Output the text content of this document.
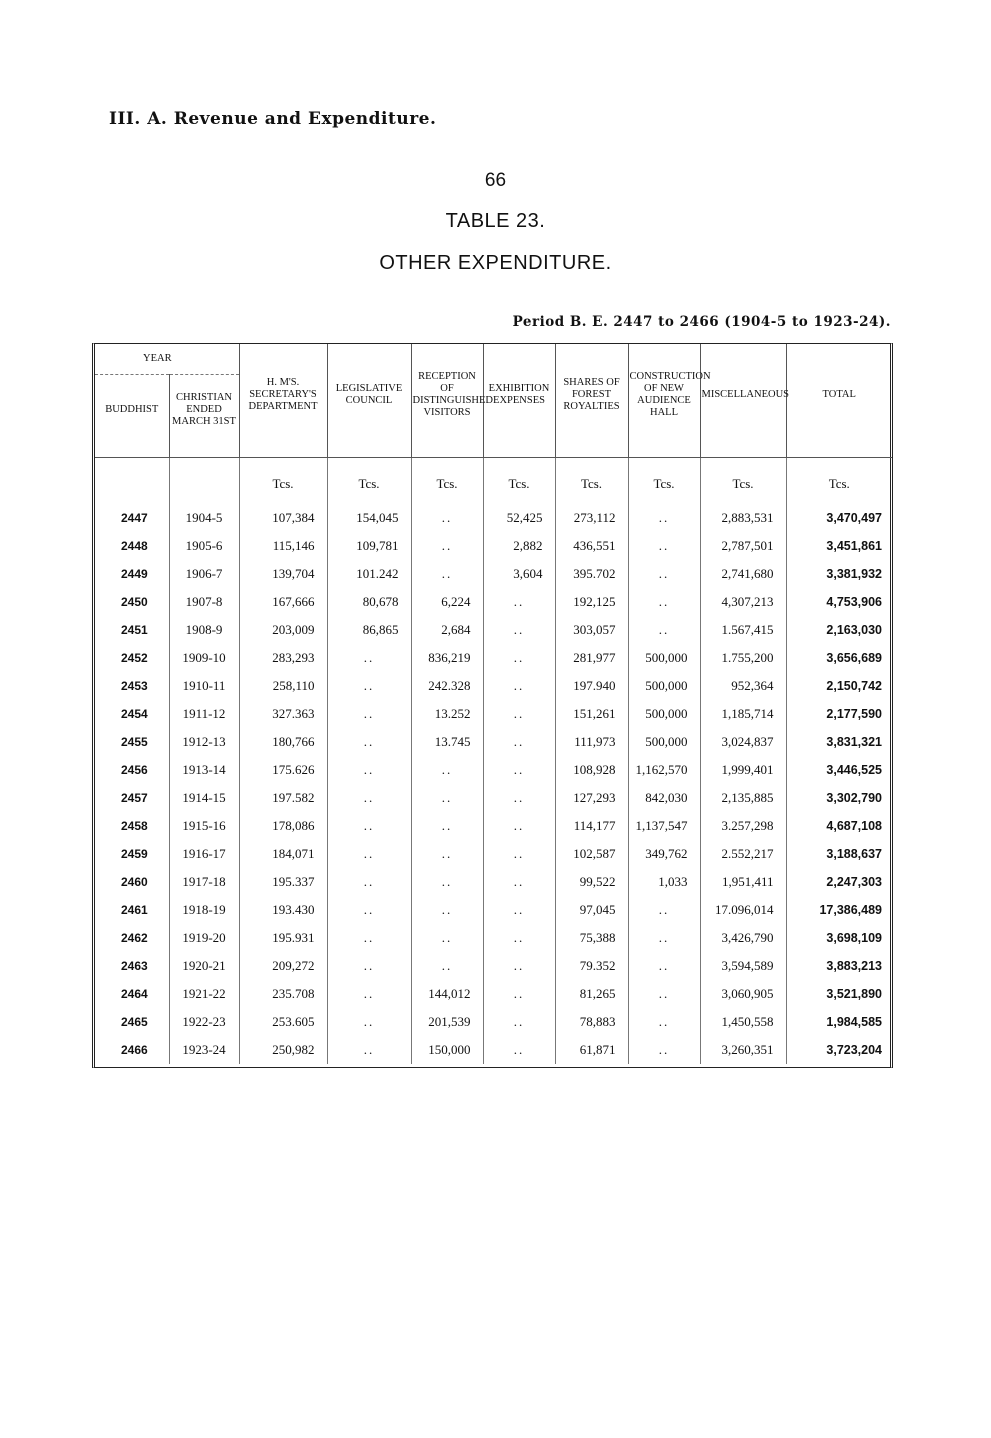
III. A. Revenue and Expenditure.
66
TABLE 23.
OTHER EXPENDITURE.
Period B. E. 2447 to 2466 (1904-5 to 1923-24).
YEAR		H. M'S. SECRETARY'S DEPARTMENT	LEGISLATIVE COUNCIL	RECEPTION OF DISTINGUISHED VISITORS	EXHIBITION EXPENSES	SHARES OF FOREST ROYALTIES	CONSTRUCTION OF NEW AUDIENCE HALL	MISCELLANEOUS	TOTAL
BUDDHIST	CHRISTIAN ENDED MARCH 31ST								

		Tcs.	Tcs.	Tcs.	Tcs.	Tcs.	Tcs.	Tcs.	Tcs.
2447	1904-5	107,384	154,045	..	52,425	273,112	..	2,883,531	3,470,497
2448	1905-6	115,146	109,781	..	2,882	436,551	..	2,787,501	3,451,861
2449	1906-7	139,704	101.242	..	3,604	395.702	..	2,741,680	3,381,932
2450	1907-8	167,666	80,678	6,224	..	192,125	..	4,307,213	4,753,906
2451	1908-9	203,009	86,865	2,684	..	303,057	..	1.567,415	2,163,030
2452	1909-10	283,293	..	836,219	..	281,977	500,000	1.755,200	3,656,689
2453	1910-11	258,110	..	242.328	..	197.940	500,000	952,364	2,150,742
2454	1911-12	327.363	..	13.252	..	151,261	500,000	1,185,714	2,177,590
2455	1912-13	180,766	..	13.745	..	111,973	500,000	3,024,837	3,831,321
2456	1913-14	175.626	..	..	..	108,928	1,162,570	1,999,401	3,446,525
2457	1914-15	197.582	..	..	..	127,293	842,030	2,135,885	3,302,790
2458	1915-16	178,086	..	..	..	114,177	1,137,547	3.257,298	4,687,108
2459	1916-17	184,071	..	..	..	102,587	349,762	2.552,217	3,188,637
2460	1917-18	195.337	..	..	..	99,522	1,033	1,951,411	2,247,303
2461	1918-19	193.430	..	..	..	97,045	..	17.096,014	17,386,489
2462	1919-20	195.931	..	..	..	75,388	..	3,426,790	3,698,109
2463	1920-21	209,272	..	..	..	79.352	..	3,594,589	3,883,213
2464	1921-22	235.708	..	144,012	..	81,265	..	3,060,905	3,521,890
2465	1922-23	253.605	..	201,539	..	78,883	..	1,450,558	1,984,585
2466	1923-24	250,982	..	150,000	..	61,871	..	3,260,351	3,723,204
